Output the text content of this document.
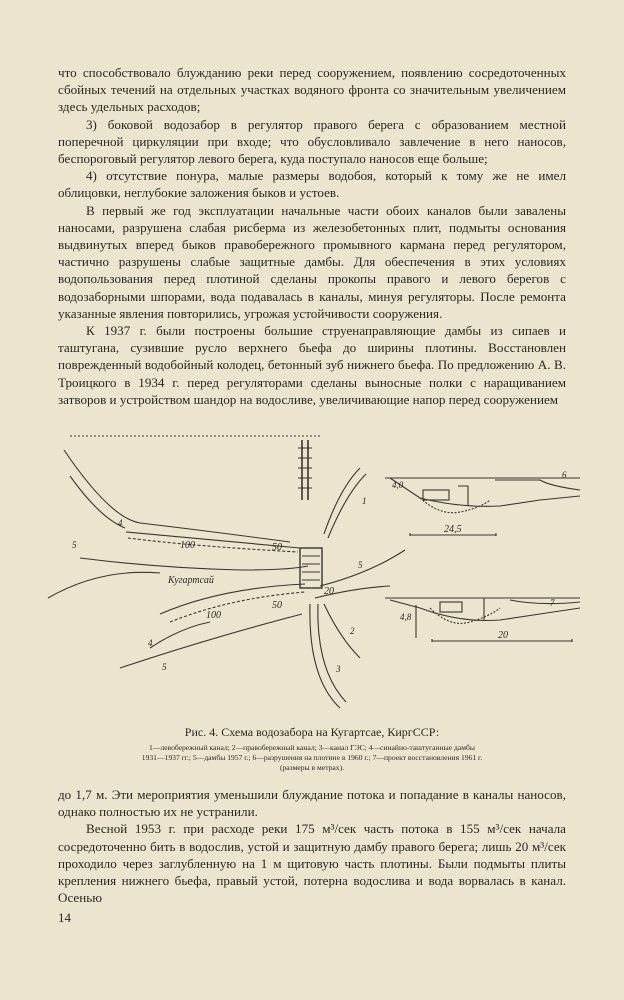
что способствовало блужданию реки перед сооружением, появлению сосредоточенных сбойных течений на отдельных участках водяного фронта со значительным увеличением здесь удельных расходов;

3) боковой водозабор в регулятор правого берега с образованием местной поперечной циркуляции при входе; что обусловливало завлечение в него наносов, беспороговый регулятор левого берега, куда поступало наносов еще больше;

4) отсутствие понура, малые размеры водобоя, который к тому же не имел облицовки, неглубокие заложения быков и устоев.

В первый же год эксплуатации начальные части обоих каналов были завалены наносами, разрушена слабая рисберма из железобетонных плит, подмыты основания выдвинутых вперед быков правобережного промывного кармана перед регулятором, частично разрушены слабые защитные дамбы. Для обеспечения в этих условиях водопользования перед плотиной сделаны прокопы правого и левого берегов с водозаборными шпорами, вода подавалась в каналы, минуя регуляторы. После ремонта указанные явления повторились, угрожая устойчивости сооружения.

К 1937 г. были построены большие струенаправляющие дамбы из сипаев и таштугана, сузившие русло верхнего бьефа до ширины плотины. Восстановлен поврежденный водобойный колодец, бетонный зуб нижнего бьефа. По предложению А. В. Троицкого в 1934 г. перед регуляторами сделаны выносные полки с наращиванием затворов и устройством шандор на водосливе, увеличивающие напор перед сооружением

100	50
100
50
Кугартсай
20
24,5
4,0
4,8
20
1
2
3
4
4
5
5
5
6
7
Рис. 4. Схема водозабора на Кугартсае, КиргССР:
1—левобережный канал; 2—правобережный канал; 3—канал ГЭС; 4—синайно-таштуганные дамбы
1931—1937 гг.; 5—дамбы 1957 г.; 6—разрушения на плотине в 1960 г.; 7—проект восстановления 1961 г.
(размеры в метрах).

до 1,7 м. Эти мероприятия уменьшили блуждание потока и попадание в каналы наносов, однако полностью их не устранили.

Весной 1953 г. при расходе реки 175 м³/сек часть потока в 155 м³/сек начала сосредоточенно бить в водослив, устой и защитную дамбу правого берега; лишь 20 м³/сек проходило через заглубленную на 1 м щитовую часть плотины. Были подмыты плиты крепления нижнего бьефа, правый устой, потерна водослива и вода ворвалась в канал. Осенью

14
